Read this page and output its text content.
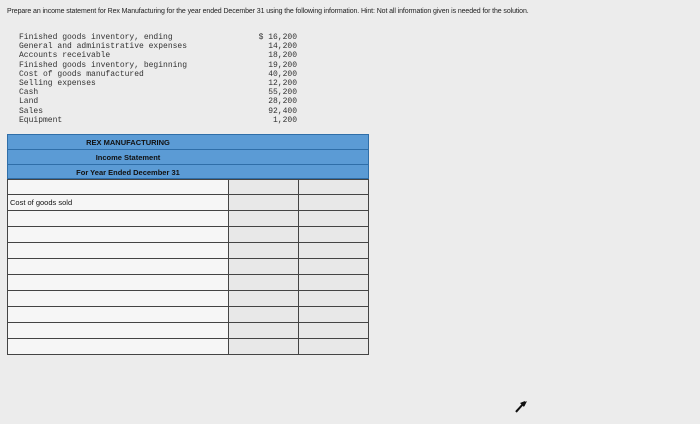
Prepare an income statement for Rex Manufacturing for the year ended December 31 using the following information. Hint: Not all information given is needed for the solution.
Finished goods inventory, ending
General and administrative expenses
Accounts receivable
Finished goods inventory, beginning
Cost of goods manufactured
Selling expenses
Cash
Land
Sales
Equipment
$ 16,200
14,200
18,200
19,200
40,200
12,200
55,200
28,200
92,400
1,200
REX MANUFACTURING
Income Statement
For Year Ended December 31
Cost of goods sold
